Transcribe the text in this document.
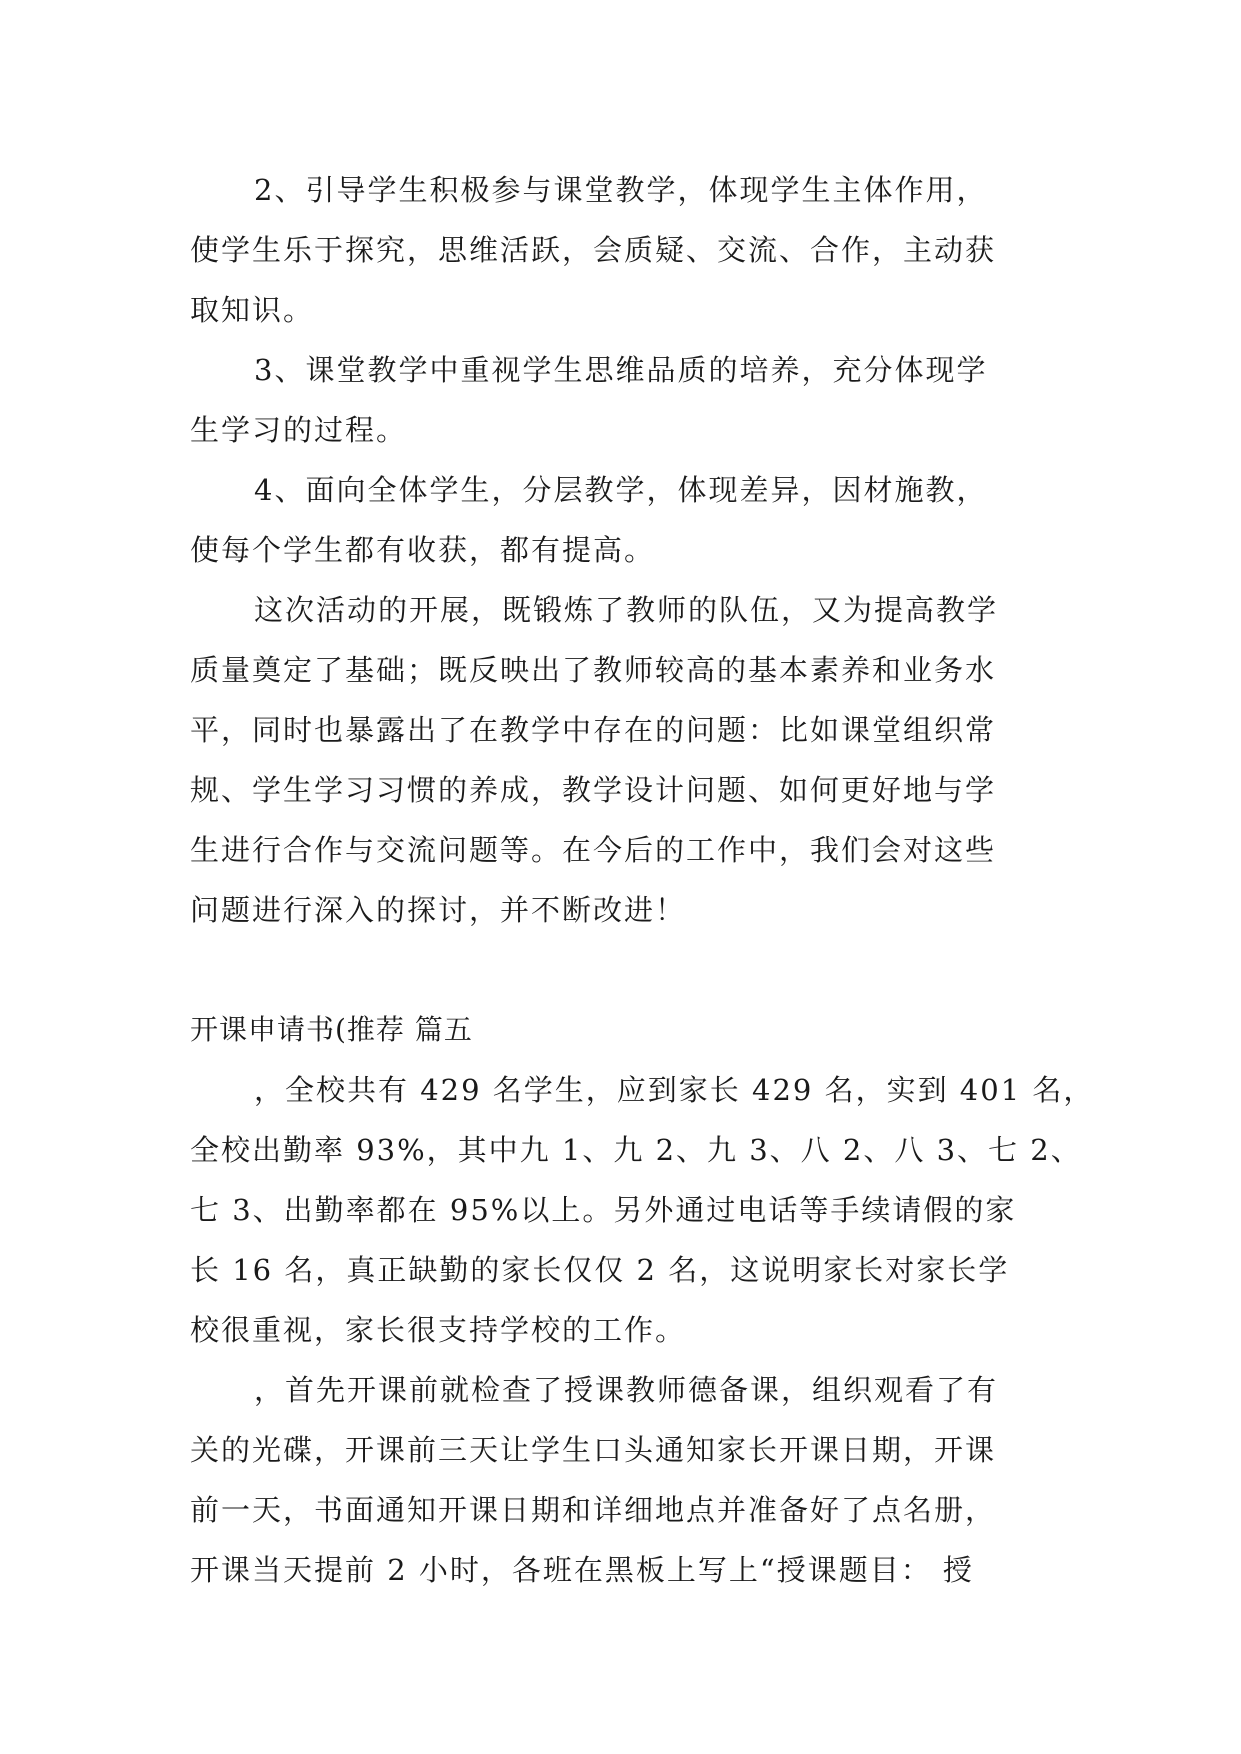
2、引导学生积极参与课堂教学，体现学生主体作用，
使学生乐于探究，思维活跃，会质疑、交流、合作，主动获
取知识。
3、课堂教学中重视学生思维品质的培养，充分体现学
生学习的过程。
4、面向全体学生，分层教学，体现差异，因材施教，
使每个学生都有收获，都有提高。
这次活动的开展，既锻炼了教师的队伍，又为提高教学
质量奠定了基础；既反映出了教师较高的基本素养和业务水
平，同时也暴露出了在教学中存在的问题：比如课堂组织常
规、学生学习习惯的养成，教学设计问题、如何更好地与学
生进行合作与交流问题等。在今后的工作中，我们会对这些
问题进行深入的探讨，并不断改进！
开课申请书(推荐 篇五
，全校共有 429 名学生，应到家长 429 名，实到 401 名，
全校出勤率 93%，其中九 1、九 2、九 3、八 2、八 3、七 2、
七 3、出勤率都在 95%以上。另外通过电话等手续请假的家
长 16 名，真正缺勤的家长仅仅 2 名，这说明家长对家长学
校很重视，家长很支持学校的工作。
，首先开课前就检查了授课教师德备课，组织观看了有
关的光碟，开课前三天让学生口头通知家长开课日期，开课
前一天，书面通知开课日期和详细地点并准备好了点名册，
开课当天提前 2 小时，各班在黑板上写上“授课题目： 授
